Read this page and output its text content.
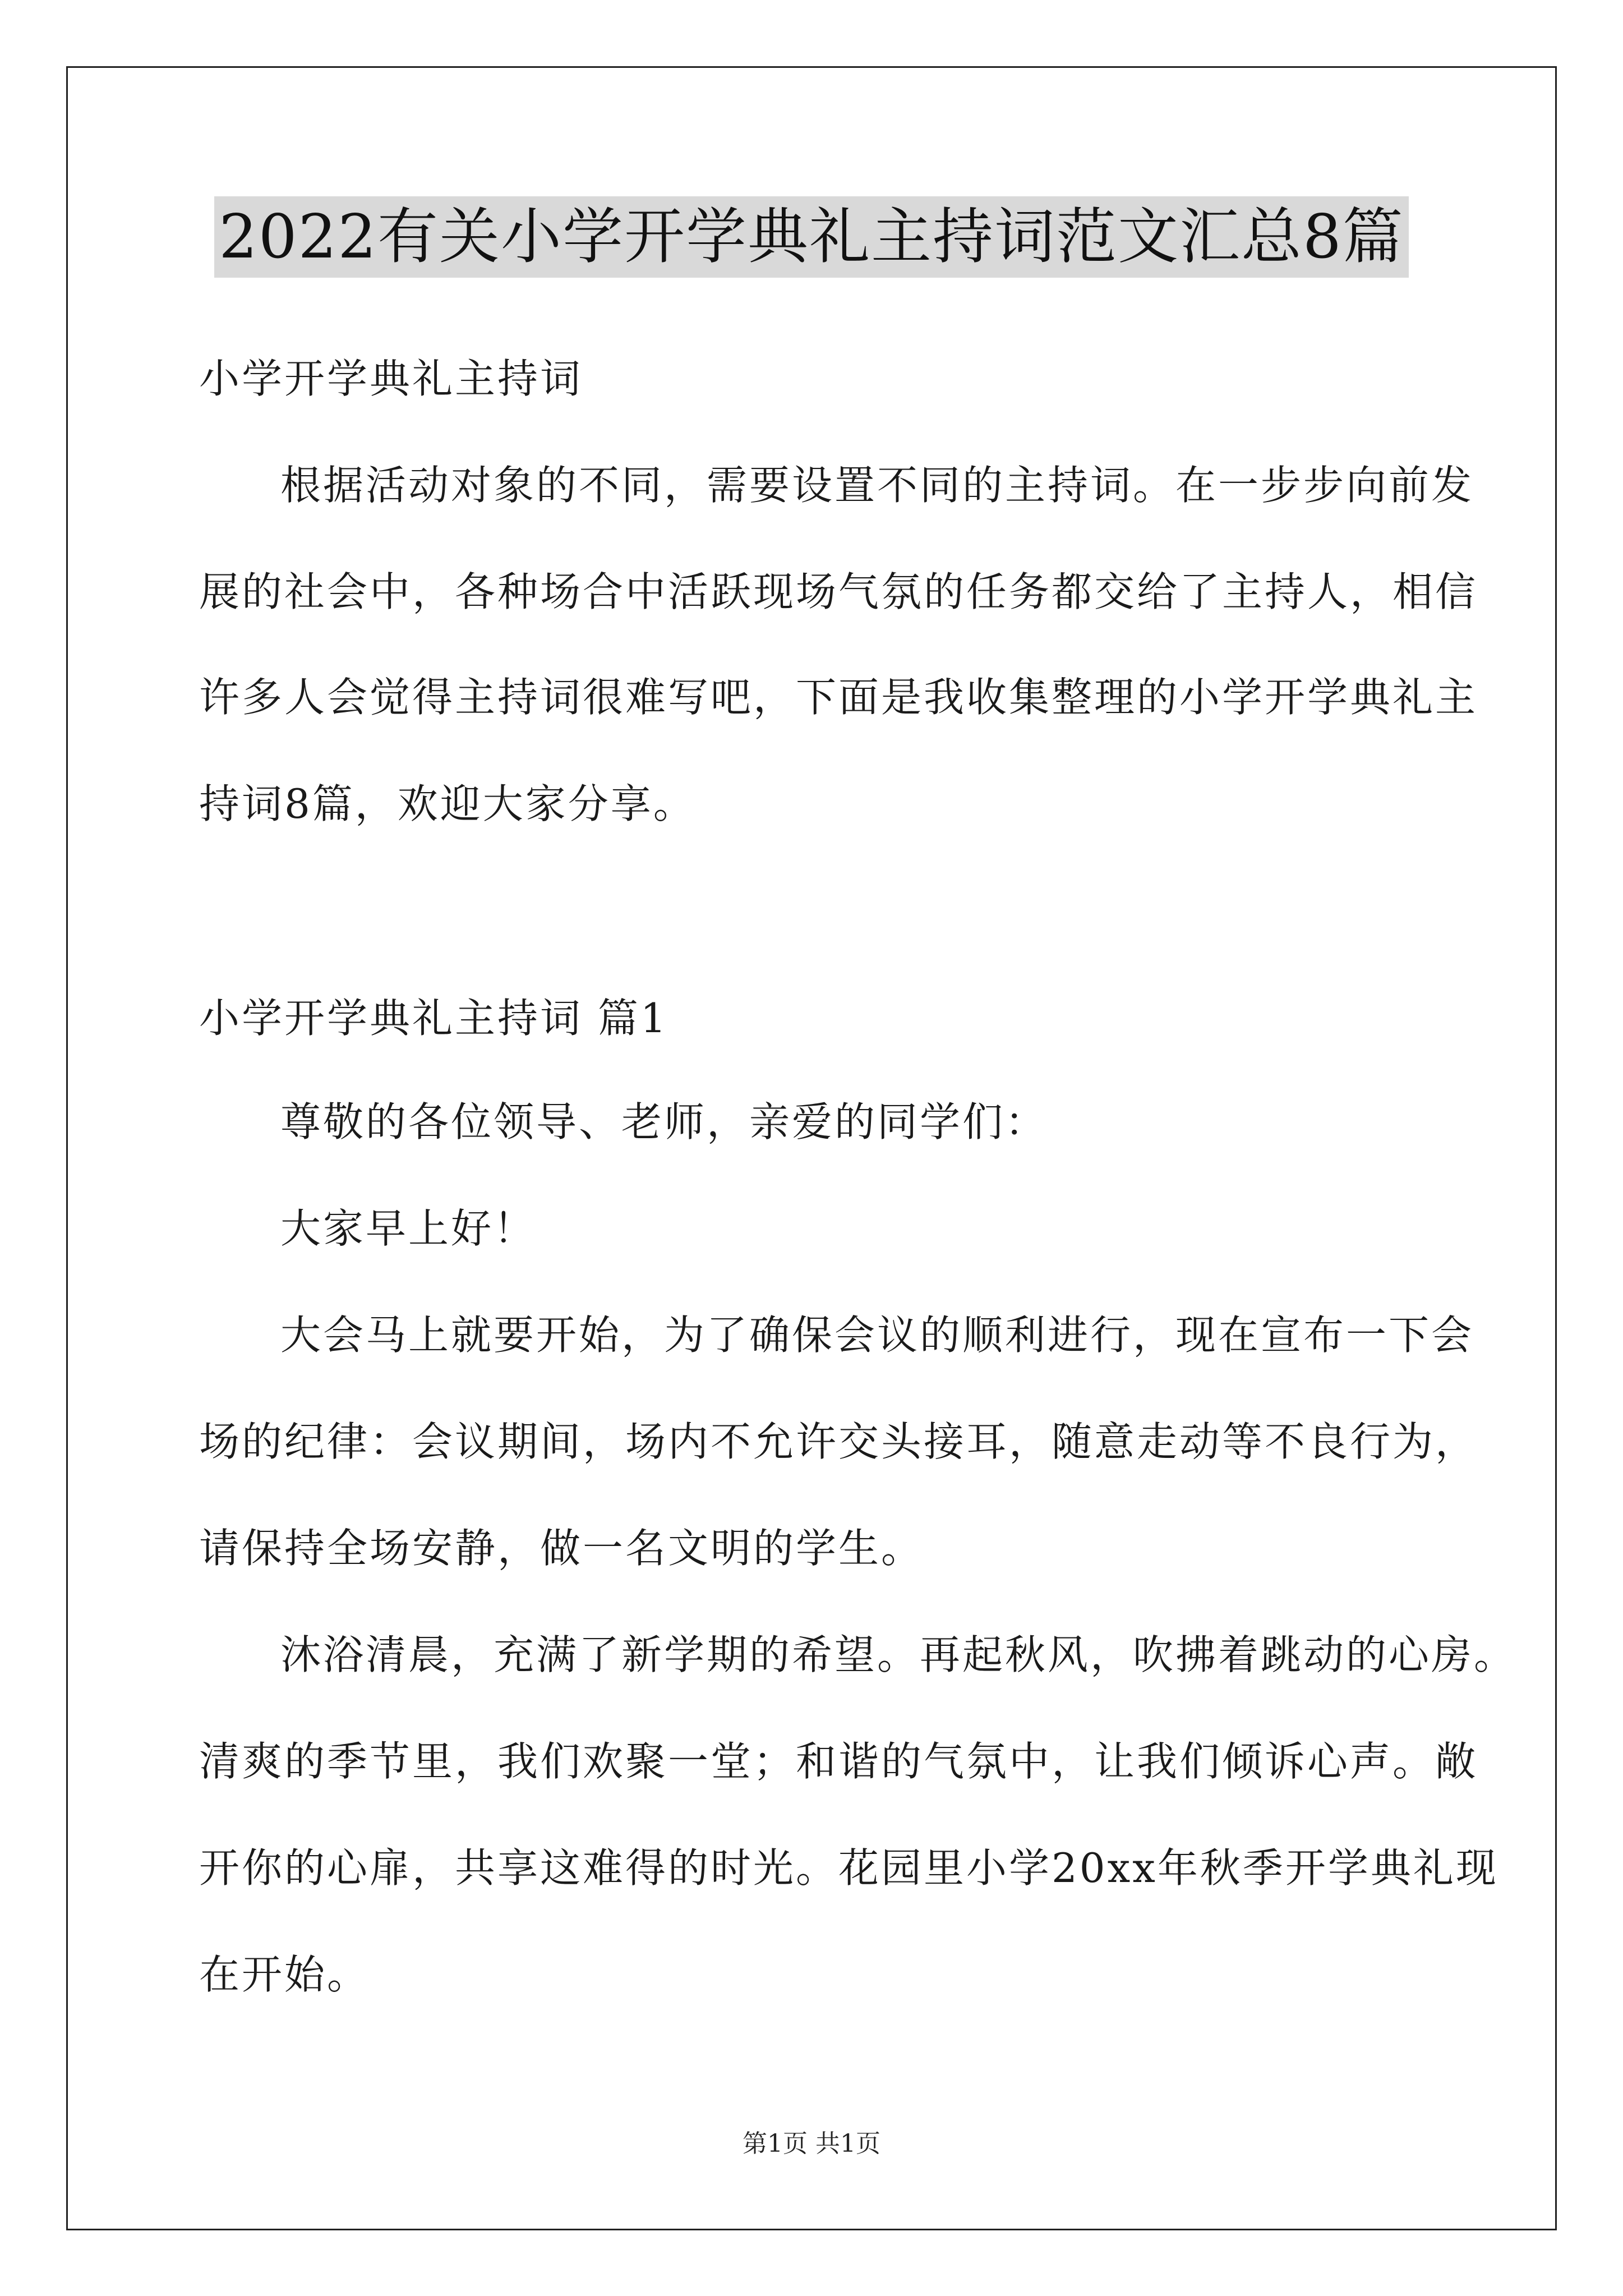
2022有关小学开学典礼主持词范文汇总8篇
小学开学典礼主持词
根据活动对象的不同，需要设置不同的主持词。在一步步向前发
展的社会中，各种场合中活跃现场气氛的任务都交给了主持人，相信
许多人会觉得主持词很难写吧，下面是我收集整理的小学开学典礼主
持词8篇，欢迎大家分享。
小学开学典礼主持词 篇1
尊敬的各位领导、老师，亲爱的同学们：
大家早上好！
大会马上就要开始，为了确保会议的顺利进行，现在宣布一下会
场的纪律：会议期间，场内不允许交头接耳，随意走动等不良行为，
请保持全场安静，做一名文明的学生。
沐浴清晨，充满了新学期的希望。再起秋风，吹拂着跳动的心房。
清爽的季节里，我们欢聚一堂；和谐的气氛中，让我们倾诉心声。敞
开你的心扉，共享这难得的时光。花园里小学20xx年秋季开学典礼现
在开始。
第1页 共1页
